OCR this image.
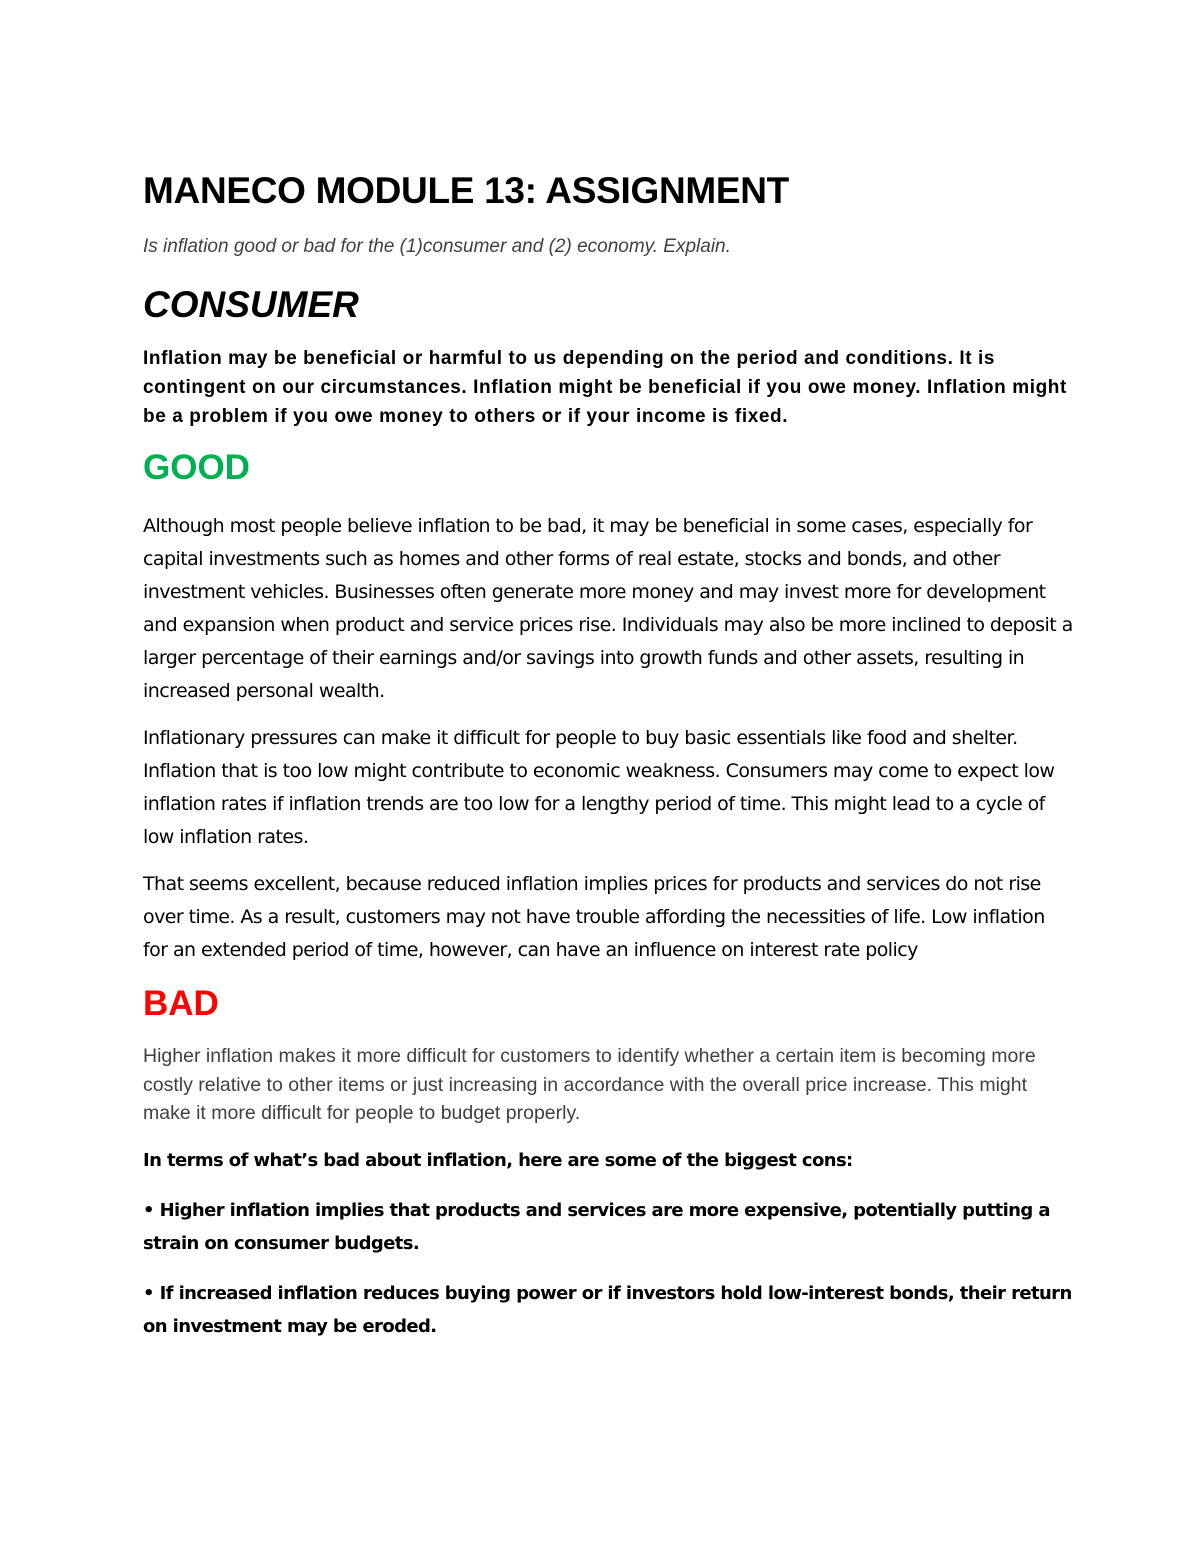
MANECO MODULE 13: ASSIGNMENT

Is inflation good or bad for the (1)consumer and (2) economy. Explain.

CONSUMER

Inflation may be beneficial or harmful to us depending on the period and conditions. It is contingent on our circumstances. Inflation might be beneficial if you owe money. Inflation might be a problem if you owe money to others or if your income is fixed.

GOOD

Although most people believe inflation to be bad, it may be beneficial in some cases, especially for capital investments such as homes and other forms of real estate, stocks and bonds, and other investment vehicles. Businesses often generate more money and may invest more for development and expansion when product and service prices rise. Individuals may also be more inclined to deposit a larger percentage of their earnings and/or savings into growth funds and other assets, resulting in increased personal wealth.

Inflationary pressures can make it difficult for people to buy basic essentials like food and shelter. Inflation that is too low might contribute to economic weakness. Consumers may come to expect low inflation rates if inflation trends are too low for a lengthy period of time. This might lead to a cycle of low inflation rates.

That seems excellent, because reduced inflation implies prices for products and services do not rise over time. As a result, customers may not have trouble affording the necessities of life. Low inflation for an extended period of time, however, can have an influence on interest rate policy

BAD

Higher inflation makes it more difficult for customers to identify whether a certain item is becoming more costly relative to other items or just increasing in accordance with the overall price increase. This might make it more difficult for people to budget properly.

In terms of what’s bad about inflation, here are some of the biggest cons:

• Higher inflation implies that products and services are more expensive, potentially putting a strain on consumer budgets.

• If increased inflation reduces buying power or if investors hold low-interest bonds, their return on investment may be eroded.
